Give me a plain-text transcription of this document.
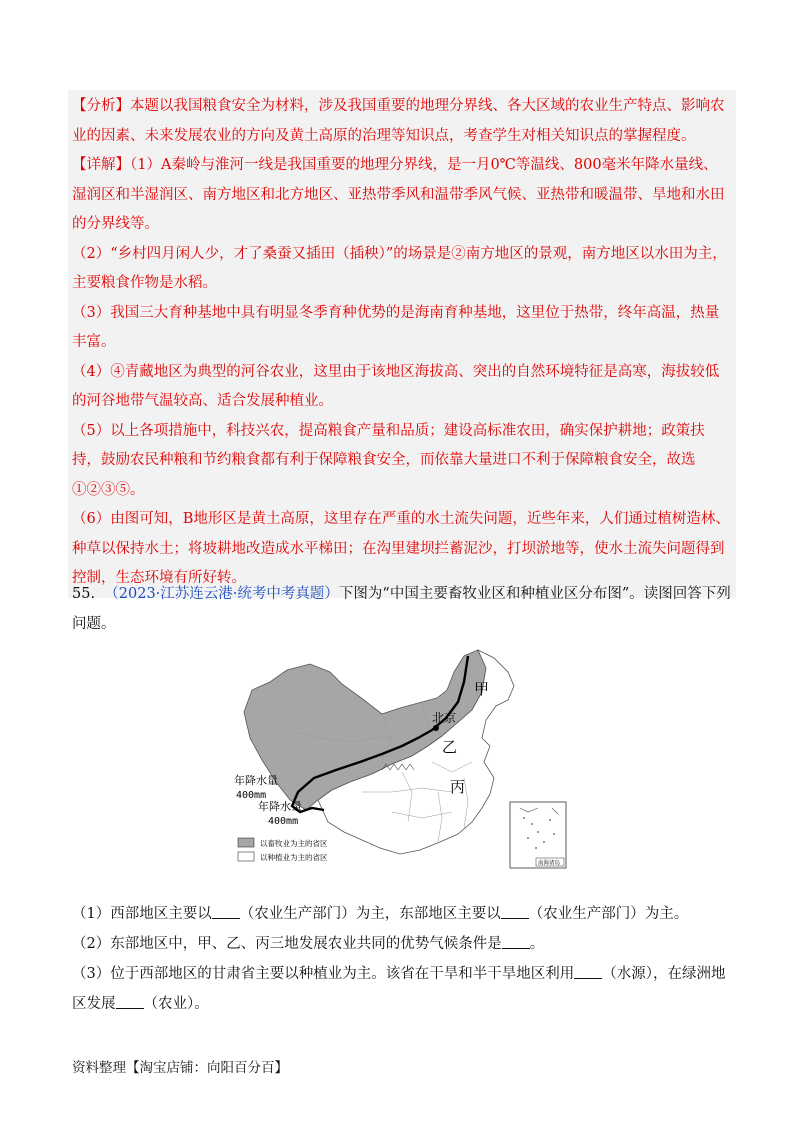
【分析】本题以我国粮食安全为材料，涉及我国重要的地理分界线、各大区域的农业生产特点、影响农业的因素、未来发展农业的方向及黄土高原的治理等知识点，考查学生对相关知识点的掌握程度。

【详解】（1）A秦岭与淮河一线是我国重要的地理分界线，是一月0℃等温线、800毫米年降水量线、湿润区和半湿润区、南方地区和北方地区、亚热带季风和温带季风气候、亚热带和暖温带、旱地和水田的分界线等。

（2）“乡村四月闲人少，才了桑蚕又插田（插秧）”的场景是②南方地区的景观，南方地区以水田为主，主要粮食作物是水稻。

（3）我国三大育种基地中具有明显冬季育种优势的是海南育种基地，这里位于热带，终年高温，热量丰富。

（4）④青藏地区为典型的河谷农业，这里由于该地区海拔高、突出的自然环境特征是高寒，海拔较低的河谷地带气温较高、适合发展种植业。

（5）以上各项措施中，科技兴农，提高粮食产量和品质；建设高标准农田，确实保护耕地；政策扶持，鼓励农民种粮和节约粮食都有利于保障粮食安全，而依靠大量进口不利于保障粮食安全，故选①②③⑤。

（6）由图可知，B地形区是黄土高原，这里存在严重的水土流失问题，近些年来，人们通过植树造林、种草以保持水土；将坡耕地改造成水平梯田；在沟里建坝拦蓄泥沙，打坝淤地等，使水土流失问题得到控制，生态环境有所好转。

55. （2023·江苏连云港·统考中考真题）下图为“中国主要畜牧业区和种植业区分布图”。读图回答下列问题。
甲
北京
乙
丙
年降水量
400mm
年降水量
400mm
以畜牧业为主的省区
以种植业为主的省区
南海诸岛
（1）西部地区主要以 （农业生产部门）为主，东部地区主要以 （农业生产部门）为主。
（2）东部地区中，甲、乙、丙三地发展农业共同的优势气候条件是 。
（3）位于西部地区的甘肃省主要以种植业为主。该省在干旱和半干旱地区利用 （水源），在绿洲地区发展 （农业）。
资料整理【淘宝店铺：向阳百分百】
